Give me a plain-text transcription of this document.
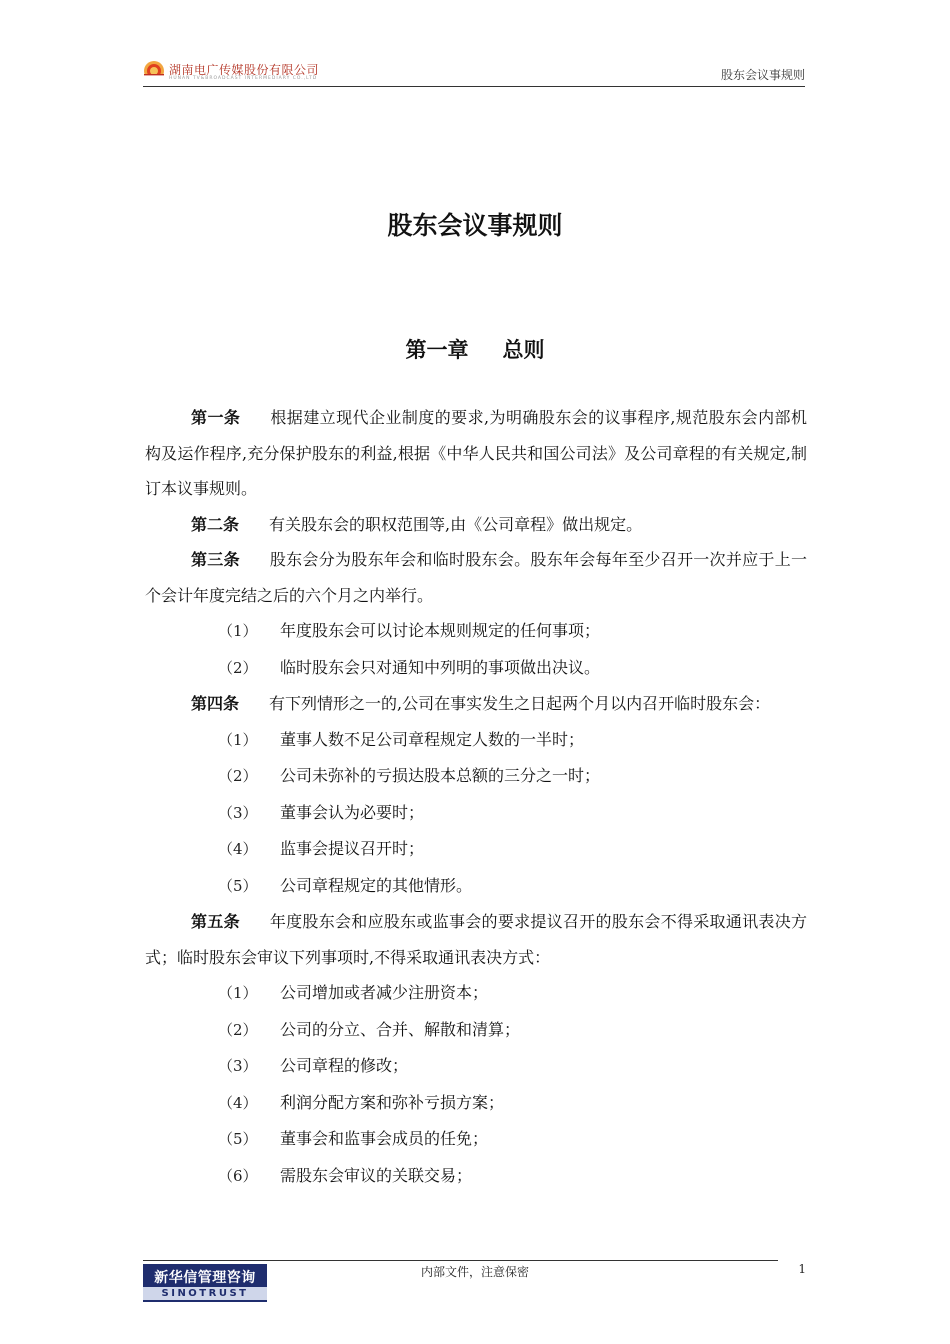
湖南电广传媒股份有限公司
HUNAN TV&BROADCAST INTERMEDIARY CO.,LTD	股东会议事规则
股东会议事规则
第一章 总则

第一条 根据建立现代企业制度的要求,为明确股东会的议事程序,规范股东会内部机构及运作程序,充分保护股东的利益,根据《中华人民共和国公司法》及公司章程的有关规定,制订本议事规则。

第二条 有关股东会的职权范围等,由《公司章程》做出规定。

第三条 股东会分为股东年会和临时股东会。股东年会每年至少召开一次并应于上一个会计年度完结之后的六个月之内举行。

（1） 年度股东会可以讨论本规则规定的任何事项；

（2） 临时股东会只对通知中列明的事项做出决议。

第四条 有下列情形之一的,公司在事实发生之日起两个月以内召开临时股东会：

（1） 董事人数不足公司章程规定人数的一半时；

（2） 公司未弥补的亏损达股本总额的三分之一时；

（3） 董事会认为必要时；

（4） 监事会提议召开时；

（5） 公司章程规定的其他情形。

第五条 年度股东会和应股东或监事会的要求提议召开的股东会不得采取通讯表决方式；临时股东会审议下列事项时,不得采取通讯表决方式：

（1） 公司增加或者减少注册资本；

（2） 公司的分立、合并、解散和清算；

（3） 公司章程的修改；

（4） 利润分配方案和弥补亏损方案；

（5） 董事会和监事会成员的任免；

（6） 需股东会审议的关联交易；

内部文件，注意保密	1
新华信管理咨询
SINOTRUST
